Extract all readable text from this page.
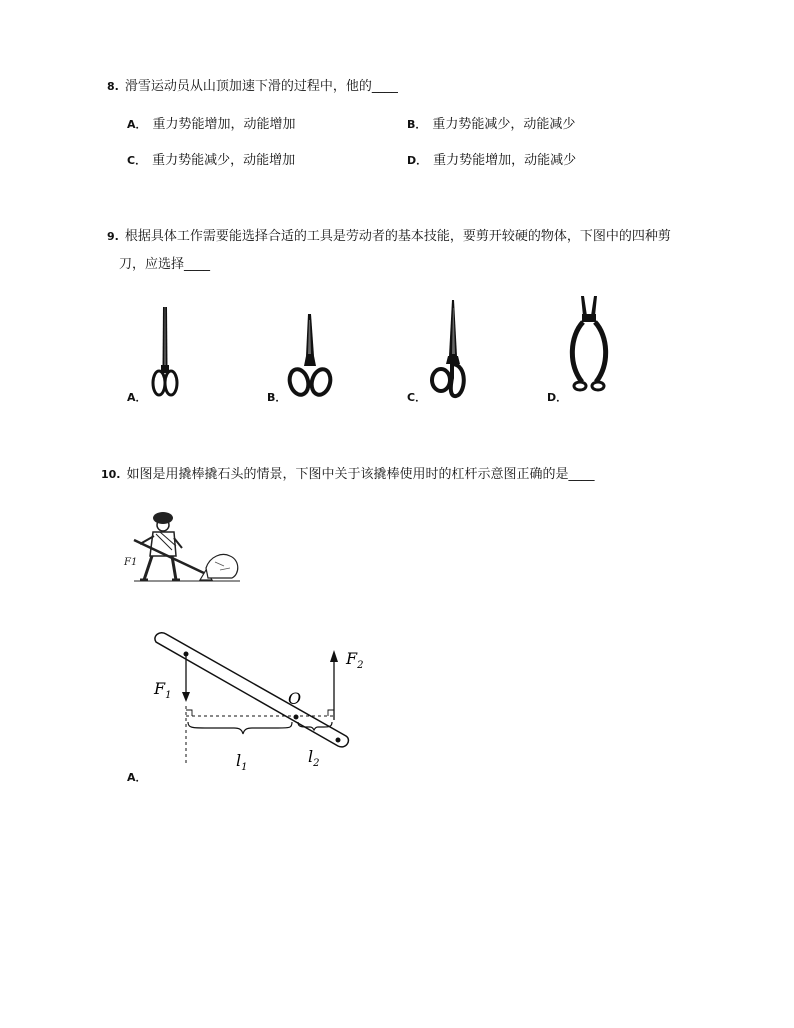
8. 滑雪运动员从山顶加速下滑的过程中，他的____
A． 重力势能增加，动能增加	B． 重力势能减少，动能减少
C． 重力势能减少，动能增加	D． 重力势能增加，动能减少
9. 根据具体工作需要能选择合适的工具是劳动者的基本技能，要剪开较硬的物体，下图中的四种剪
刀，应选择____
A．	B．	C．	D．
10. 如图是用撬棒撬石头的情景，下图中关于该撬棒使用时的杠杆示意图正确的是____
F1
$F_1$
$F_2$
O
$l_1$
$l_2$
A．
